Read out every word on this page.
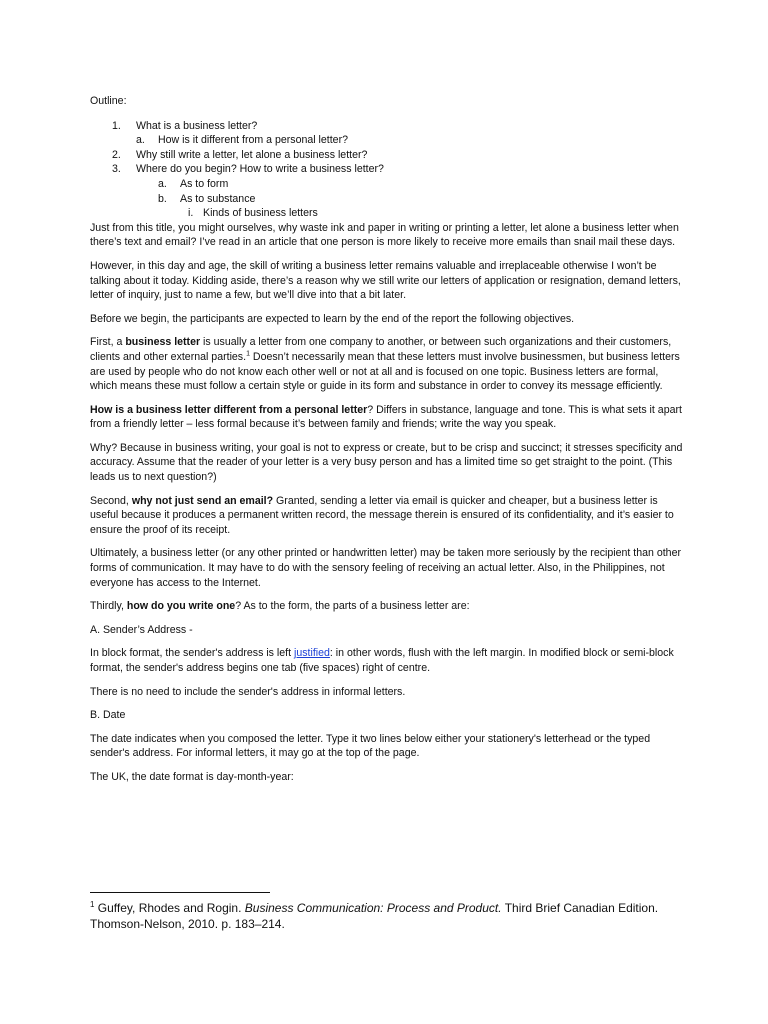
Outline:
1. What is a business letter?
a. How is it different from a personal letter?
2. Why still write a letter, let alone a business letter?
3. Where do you begin? How to write a business letter?
a. As to form
b. As to substance
i. Kinds of business letters

Just from this title, you might ourselves, why waste ink and paper in writing or printing a letter, let alone a business letter when there’s text and email? I’ve read in an article that one person is more likely to receive more emails than snail mail these days.

However, in this day and age, the skill of writing a business letter remains valuable and irreplaceable otherwise I won’t be talking about it today. Kidding aside, there’s a reason why we still write our letters of application or resignation, demand letters, letter of inquiry, just to name a few, but we’ll dive into that a bit later.

Before we begin, the participants are expected to learn by the end of the report the following objectives.

First, a business letter is usually a letter from one company to another, or between such organizations and their customers, clients and other external parties.$^1$ Doesn’t necessarily mean that these letters must involve businessmen, but business letters are used by people who do not know each other well or not at all and is focused on one topic. Business letters are formal, which means these must follow a certain style or guide in its form and substance in order to convey its message efficiently.

How is a business letter different from a personal letter? Differs in substance, language and tone. This is what sets it apart from a friendly letter – less formal because it’s between family and friends; write the way you speak.

Why? Because in business writing, your goal is not to express or create, but to be crisp and succinct; it stresses specificity and accuracy. Assume that the reader of your letter is a very busy person and has a limited time so get straight to the point. (This leads us to next question?)

Second, why not just send an email? Granted, sending a letter via email is quicker and cheaper, but a business letter is useful because it produces a permanent written record, the message therein is ensured of its confidentiality, and it’s easier to ensure the proof of its receipt.

Ultimately, a business letter (or any other printed or handwritten letter) may be taken more seriously by the recipient than other forms of communication. It may have to do with the sensory feeling of receiving an actual letter. Also, in the Philippines, not everyone has access to the Internet.

Thirdly, how do you write one? As to the form, the parts of a business letter are:

A. Sender’s Address -

In block format, the sender's address is left justified: in other words, flush with the left margin. In modified block or semi-block format, the sender's address begins one tab (five spaces) right of centre.

There is no need to include the sender's address in informal letters.

B. Date

The date indicates when you composed the letter. Type it two lines below either your stationery's letterhead or the typed sender's address. For informal letters, it may go at the top of the page.

The UK, the date format is day-month-year:

$^1$ Guffey, Rhodes and Rogin. Business Communication: Process and Product. Third Brief Canadian Edition. Thomson-Nelson, 2010. p. 183–214.
